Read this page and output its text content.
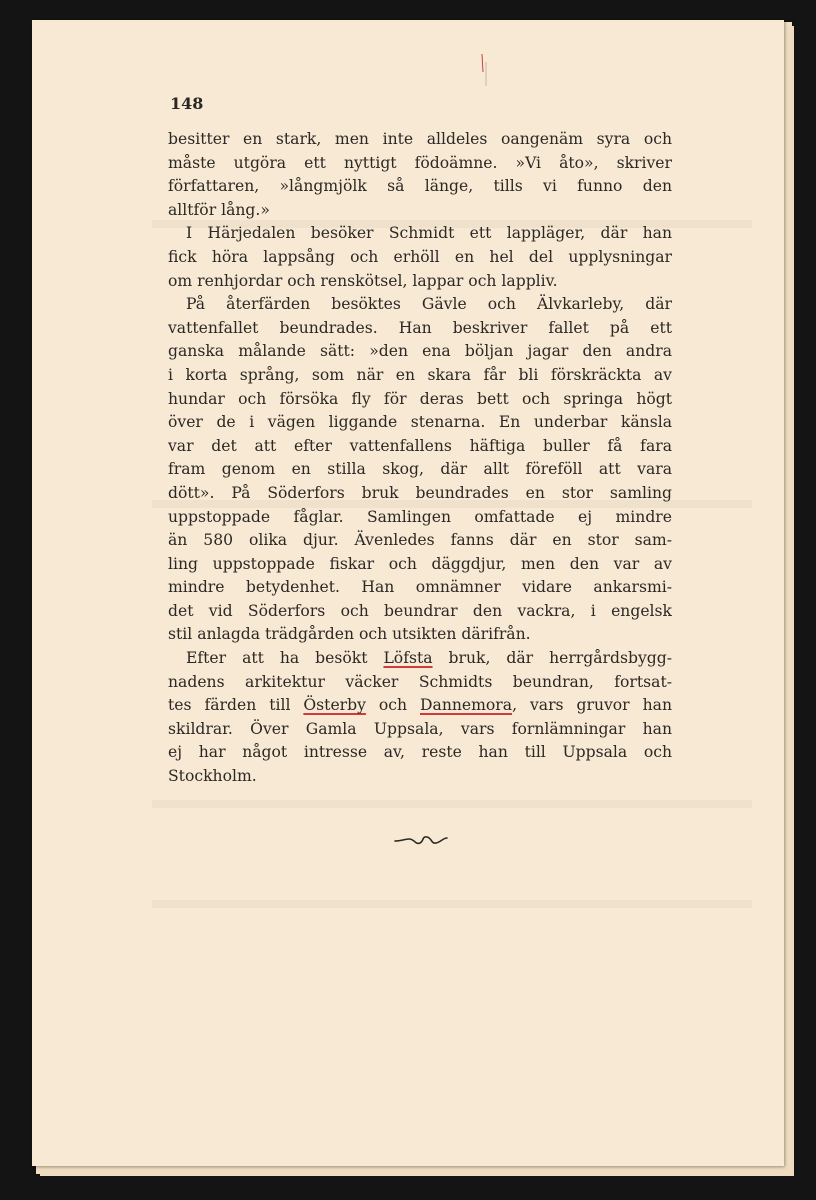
148
besitter en stark, men inte alldeles oangenäm syra och
måste utgöra ett nyttigt födoämne. »Vi åto», skriver
författaren, »långmjölk så länge, tills vi funno den
alltför lång.»
I Härjedalen besöker Schmidt ett lappläger, där han
fick höra lappsång och erhöll en hel del upplysningar
om renhjordar och renskötsel, lappar och lappliv.
På återfärden besöktes Gävle och Älvkarleby, där
vattenfallet beundrades. Han beskriver fallet på ett
ganska målande sätt: »den ena böljan jagar den andra
i korta språng, som när en skara får bli förskräckta av
hundar och försöka fly för deras bett och springa högt
över de i vägen liggande stenarna. En underbar känsla
var det att efter vattenfallens häftiga buller få fara
fram genom en stilla skog, där allt föreföll att vara
dött». På Söderfors bruk beundrades en stor samling
uppstoppade fåglar. Samlingen omfattade ej mindre
än 580 olika djur. Ävenledes fanns där en stor sam-
ling uppstoppade fiskar och däggdjur, men den var av
mindre betydenhet. Han omnämner vidare ankarsmi-
det vid Söderfors och beundrar den vackra, i engelsk
stil anlagda trädgården och utsikten därifrån.
Efter att ha besökt Löfsta bruk, där herrgårdsbygg-
nadens arkitektur väcker Schmidts beundran, fortsat-
tes färden till Österby och Dannemora, vars gruvor han
skildrar. Över Gamla Uppsala, vars fornlämningar han
ej har något intresse av, reste han till Uppsala och
Stockholm.
